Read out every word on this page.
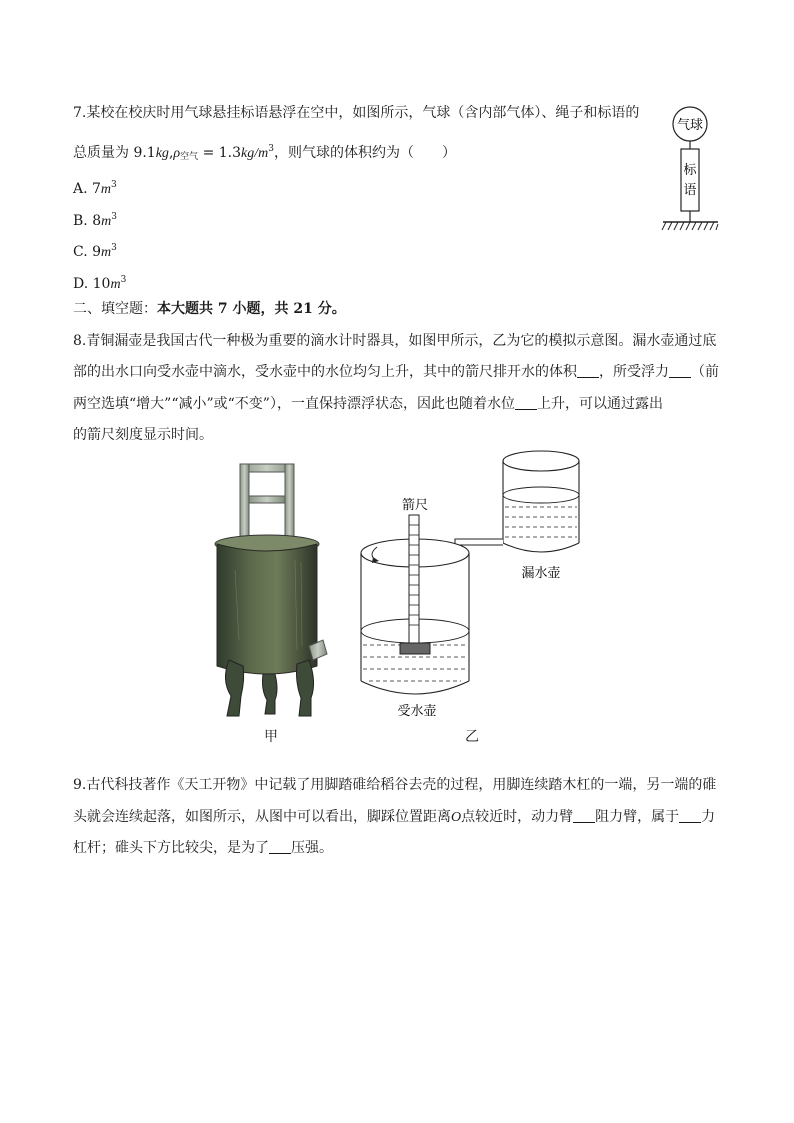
7.某校在校庆时用气球悬挂标语悬浮在空中，如图所示，气球（含内部气体）、绳子和标语的
总质量为 $9.1kg,\rho_{空气} = 1.3kg/m^3$，则气球的体积约为（　　）
A. $7m^3$
B. $8m^3$
C. $9m^3$
D. $10m^3$
气球
标
语
二、填空题：本大题共 7 小题，共 21 分。
8.青铜漏壶是我国古代一种极为重要的滴水计时器具，如图甲所示，乙为它的模拟示意图。漏水壶通过底
部的出水口向受水壶中滴水，受水壶中的水位均匀上升，其中的箭尺排开水的体积 ，所受浮力 （前
两空选填“增大”“减小”或“不变”），一直保持漂浮状态，因此也随着水位 上升，可以通过露出
的箭尺刻度显示时间。
甲
漏水壶
箭尺
受水壶
乙
9.古代科技著作《天工开物》中记载了用脚踏碓给稻谷去壳的过程，用脚连续踏木杠的一端，另一端的碓
头就会连续起落，如图所示，从图中可以看出，脚踩位置距离O点较近时，动力臂 阻力臂，属于 力
杠杆；碓头下方比较尖，是为了 压强。
